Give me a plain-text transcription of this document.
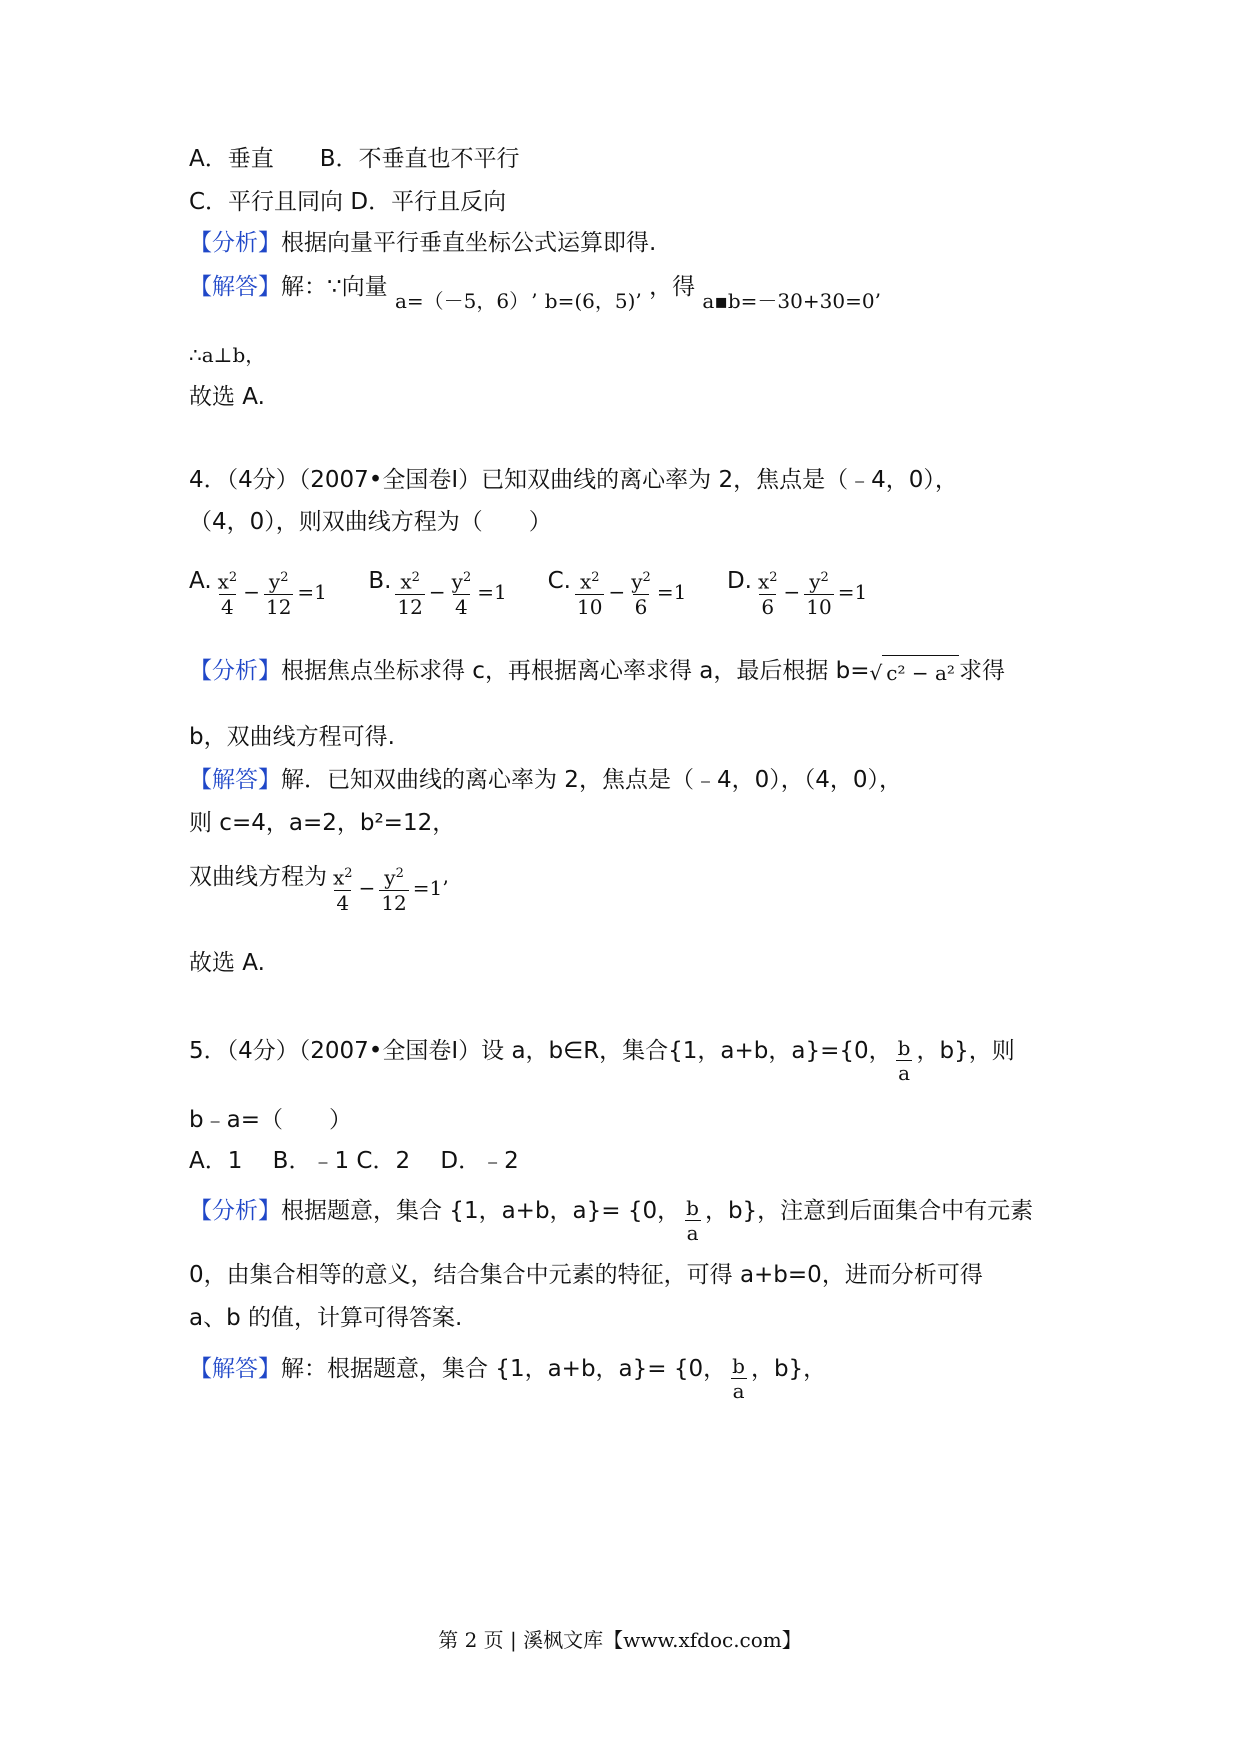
A．垂直　　B．不垂直也不平行
C．平行且同向 D．平行且反向
【分析】根据向量平行垂直坐标公式运算即得.
【解答】解：∵向量 a=（－5，6） ’ b=(6，5)’ ，得 a▪b=－30+30=0’
∴a⊥b，
故选 A.
4．（4分）（2007•全国卷Ⅰ）已知双曲线的离心率为 2，焦点是（﹣4，0），
（4，0），则双曲线方程为（　　）
A. $\frac{x^2}{4} - \frac{y^2}{12} =1$ B. $\frac{x^2}{12} - \frac{y^2}{4} =1$ C. $\frac{x^2}{10} - \frac{y^2}{6} =1$ D. $\frac{x^2}{6} - \frac{y^2}{10} =1$
【分析】根据焦点坐标求得 c，再根据离心率求得 a，最后根据 b=√ c² − a² 求得
b，双曲线方程可得.
【解答】解．已知双曲线的离心率为 2，焦点是（﹣4，0），（4，0），
则 c=4，a=2，b²=12，
双曲线方程为 $\frac{x^2}{4} - \frac{y^2}{12} =1$’
故选 A.
5．（4分）（2007•全国卷Ⅰ）设 a，b∈R，集合{1，a+b，a}={0， $\frac{b}{a}$ ，b}，则
b﹣a=（　　）
A．1　 B．﹣1 C．2　 D．﹣2
【分析】根据题意，集合 {1，a+b，a}= {0， $\frac{b}{a}$ ，b}，注意到后面集合中有元素
0，由集合相等的意义，结合集合中元素的特征，可得 a+b=0，进而分析可得
a、b 的值，计算可得答案.
【解答】解：根据题意，集合 {1，a+b，a}= {0， $\frac{b}{a}$ ，b}，
第 2 页 | 溪枫文库【www.xfdoc.com】
